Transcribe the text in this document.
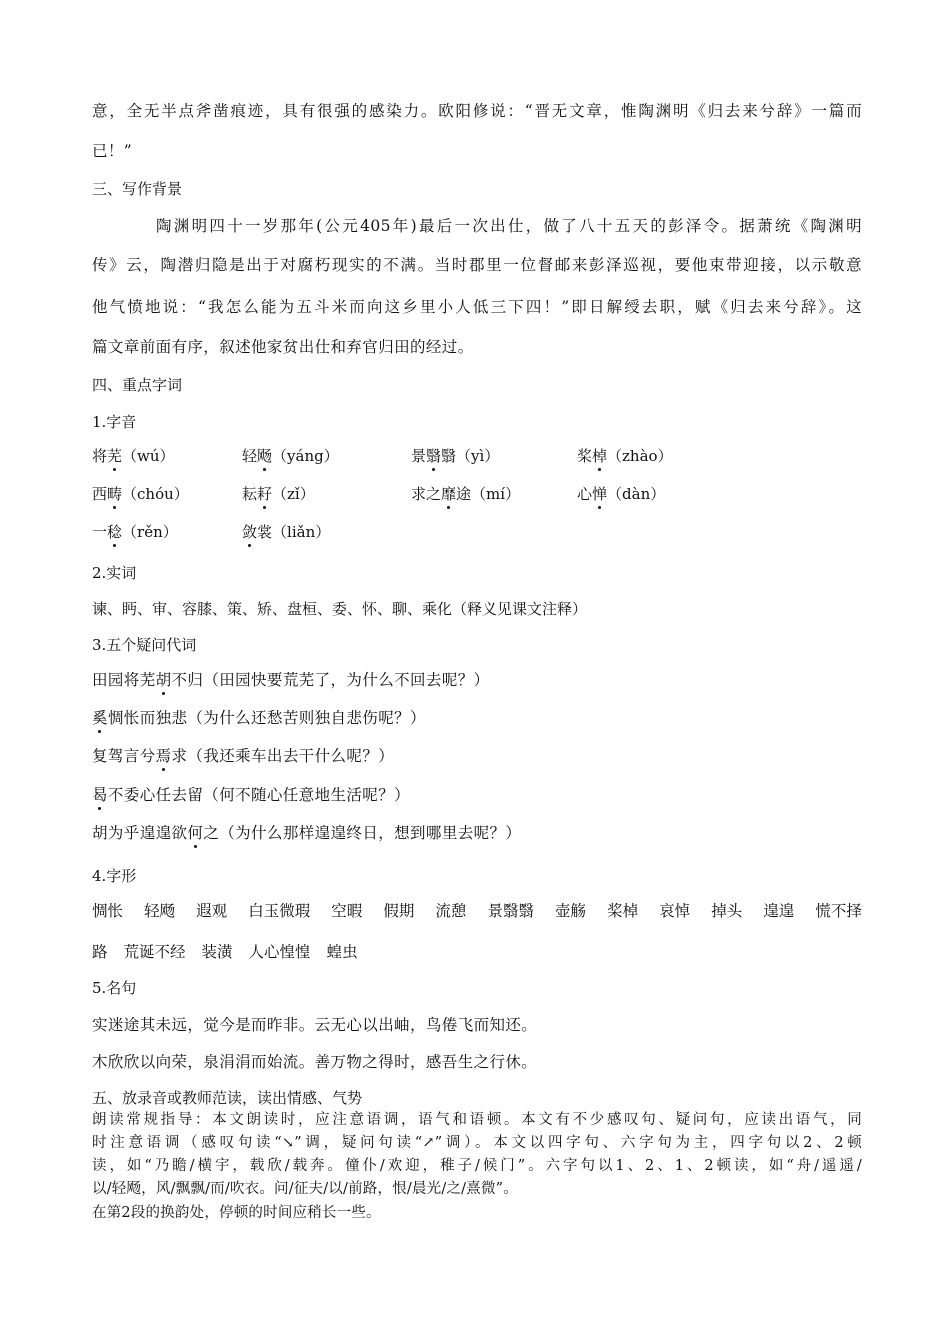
意，全无半点斧凿痕迹，具有很强的感染力。欧阳修说：“晋无文章，惟陶渊明《归去来兮辞》一篇而
已！”
三、写作背景
陶渊明四十一岁那年(公元405年)最后一次出仕，做了八十五天的彭泽令。据萧统《陶渊明
传》云，陶潜归隐是出于对腐朽现实的不满。当时郡里一位督邮来彭泽巡视，要他束带迎接，以示敬意
他气愤地说：“我怎么能为五斗米而向这乡里小人低三下四！”即日解绶去职，赋《归去来兮辞》。这
篇文章前面有序，叙述他家贫出仕和弃官归田的经过。
四、重点字词
1.字音
将芜（wú）	轻飏（yáng）	景翳翳（yì）	桨棹（zhào）
西畴（chóu）	耘耔（zǐ）	求之靡途（mí）	心惮（dàn）
一稔（rěn）	敛裳（liǎn）
2.实词
谏、眄、审、容膝、策、矫、盘桓、委、怀、聊、乘化（释义见课文注释）
3.五个疑问代词
田园将芜胡不归（田园快要荒芜了，为什么不回去呢？）
奚惆怅而独悲（为什么还愁苦则独自悲伤呢？）
复驾言兮焉求（我还乘车出去干什么呢？）
曷不委心任去留（何不随心任意地生活呢？）
胡为乎遑遑欲何之（为什么那样遑遑终日，想到哪里去呢？）
4.字形
惆怅 轻飏 遐观 白玉微瑕 空暇 假期 流憩 景翳翳 壶觞 桨棹 哀悼 掉头 遑遑 慌不择
路 荒诞不经 装潢 人心惶惶 蝗虫
5.名句
实迷途其未远，觉今是而昨非。云无心以出岫，鸟倦飞而知还。
木欣欣以向荣，泉涓涓而始流。善万物之得时，感吾生之行休。
五、放录音或教师范读，读出情感、气势
朗读常规指导：本文朗读时，应注意语调，语气和语顿。本文有不少感叹句、疑问句，应读出语气，同
时注意语调（感叹句读“↘”调，疑问句读“↗”调）。本文以四字句、六字句为主，四字句以2、2顿
读，如“乃瞻/横宇，载欣/载奔。僮仆/欢迎，稚子/候门”。六字句以1、2、1、2顿读，如“舟/遥遥/
以/轻飏，风/飘飘/而/吹衣。问/征夫/以/前路，恨/晨光/之/熹微”。
在第2段的换韵处，停顿的时间应稍长一些。
